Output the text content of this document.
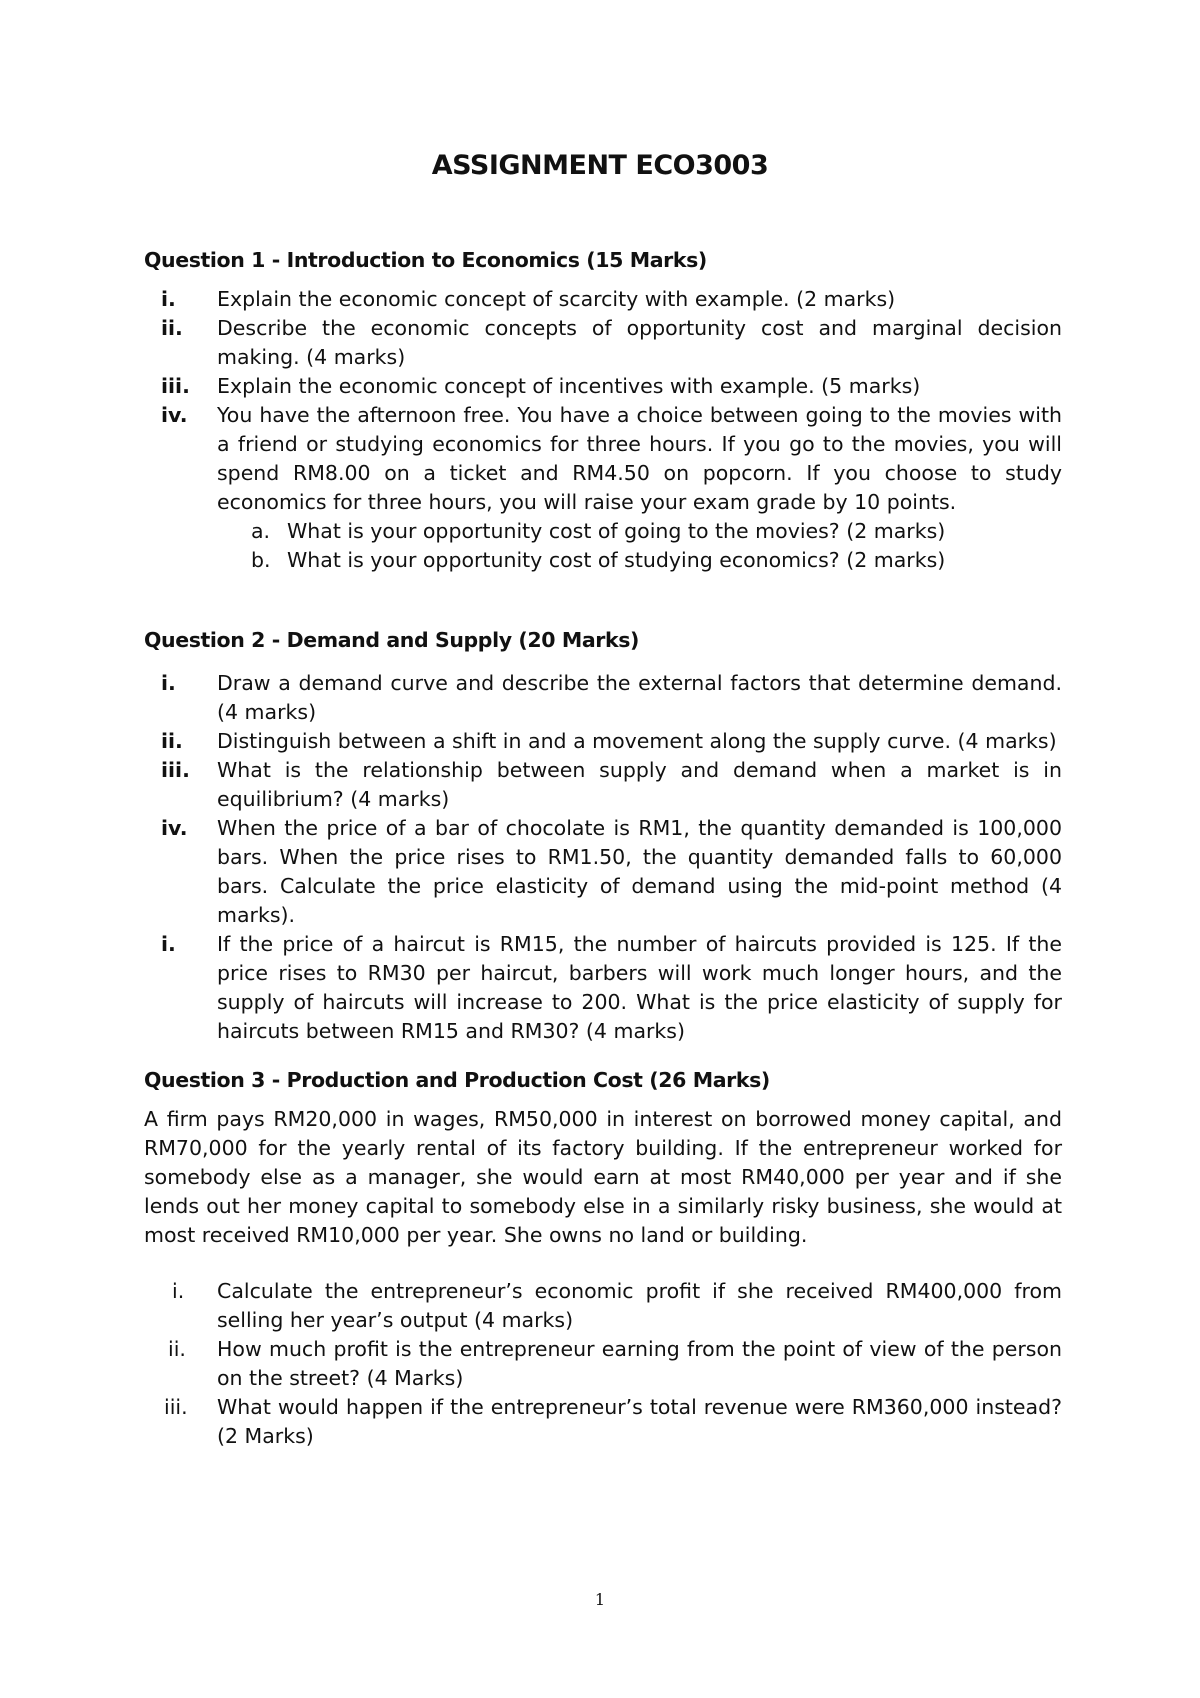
ASSIGNMENT ECO3003

Question 1 - Introduction to Economics (15 Marks)

i.	Explain the economic concept of scarcity with example. (2 marks)
ii.	Describe the economic concepts of opportunity cost and marginal decision making. (4 marks)
iii.	Explain the economic concept of incentives with example. (5 marks)
iv.	You have the afternoon free. You have a choice between going to the movies with a friend or studying economics for three hours. If you go to the movies, you will spend RM8.00 on a ticket and RM4.50 on popcorn. If you choose to study economics for three hours, you will raise your exam grade by 10 points.
a. What is your opportunity cost of going to the movies? (2 marks)
b. What is your opportunity cost of studying economics? (2 marks)

Question 2 - Demand and Supply (20 Marks)

i.	Draw a demand curve and describe the external factors that determine demand. (4 marks)
ii.	Distinguish between a shift in and a movement along the supply curve. (4 marks)
iii.	What is the relationship between supply and demand when a market is in equilibrium? (4 marks)
iv.	When the price of a bar of chocolate is RM1, the quantity demanded is 100,000 bars. When the price rises to RM1.50, the quantity demanded falls to 60,000 bars. Calculate the price elasticity of demand using the mid-point method (4 marks).
i.	If the price of a haircut is RM15, the number of haircuts provided is 125. If the price rises to RM30 per haircut, barbers will work much longer hours, and the supply of haircuts will increase to 200. What is the price elasticity of supply for haircuts between RM15 and RM30? (4 marks)

Question 3 - Production and Production Cost (26 Marks)

A firm pays RM20,000 in wages, RM50,000 in interest on borrowed money capital, and RM70,000 for the yearly rental of its factory building. If the entrepreneur worked for somebody else as a manager, she would earn at most RM40,000 per year and if she lends out her money capital to somebody else in a similarly risky business, she would at most received RM10,000 per year. She owns no land or building.

i.	Calculate the entrepreneur’s economic profit if she received RM400,000 from selling her year’s output (4 marks)
ii.	How much profit is the entrepreneur earning from the point of view of the person on the street? (4 Marks)
iii.	What would happen if the entrepreneur’s total revenue were RM360,000 instead? (2 Marks)
1
